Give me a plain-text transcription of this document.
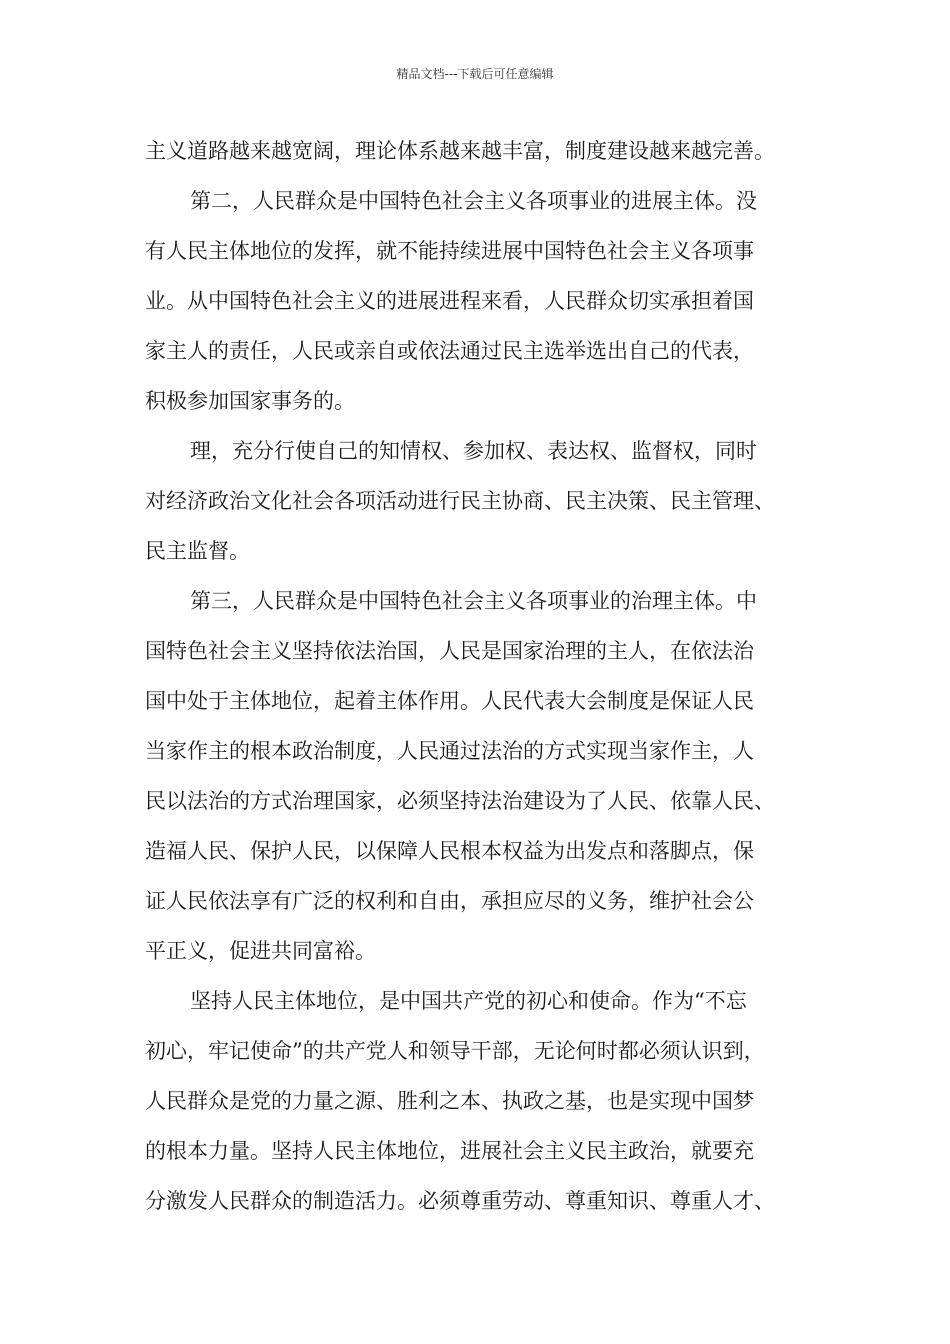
精品文档---下载后可任意编辑
主义道路越来越宽阔，理论体系越来越丰富，制度建设越来越完善。
第二，人民群众是中国特色社会主义各项事业的进展主体。没
有人民主体地位的发挥，就不能持续进展中国特色社会主义各项事
业。从中国特色社会主义的进展进程来看，人民群众切实承担着国
家主人的责任，人民或亲自或依法通过民主选举选出自己的代表，
积极参加国家事务的。
理，充分行使自己的知情权、参加权、表达权、监督权，同时
对经济政治文化社会各项活动进行民主协商、民主决策、民主管理、
民主监督。
第三，人民群众是中国特色社会主义各项事业的治理主体。中
国特色社会主义坚持依法治国，人民是国家治理的主人，在依法治
国中处于主体地位，起着主体作用。人民代表大会制度是保证人民
当家作主的根本政治制度，人民通过法治的方式实现当家作主，人
民以法治的方式治理国家，必须坚持法治建设为了人民、依靠人民、
造福人民、保护人民，以保障人民根本权益为出发点和落脚点，保
证人民依法享有广泛的权利和自由，承担应尽的义务，维护社会公
平正义，促进共同富裕。
坚持人民主体地位，是中国共产党的初心和使命。作为“不忘
初心，牢记使命”的共产党人和领导干部，无论何时都必须认识到，
人民群众是党的力量之源、胜利之本、执政之基，也是实现中国梦
的根本力量。坚持人民主体地位，进展社会主义民主政治，就要充
分激发人民群众的制造活力。必须尊重劳动、尊重知识、尊重人才、
